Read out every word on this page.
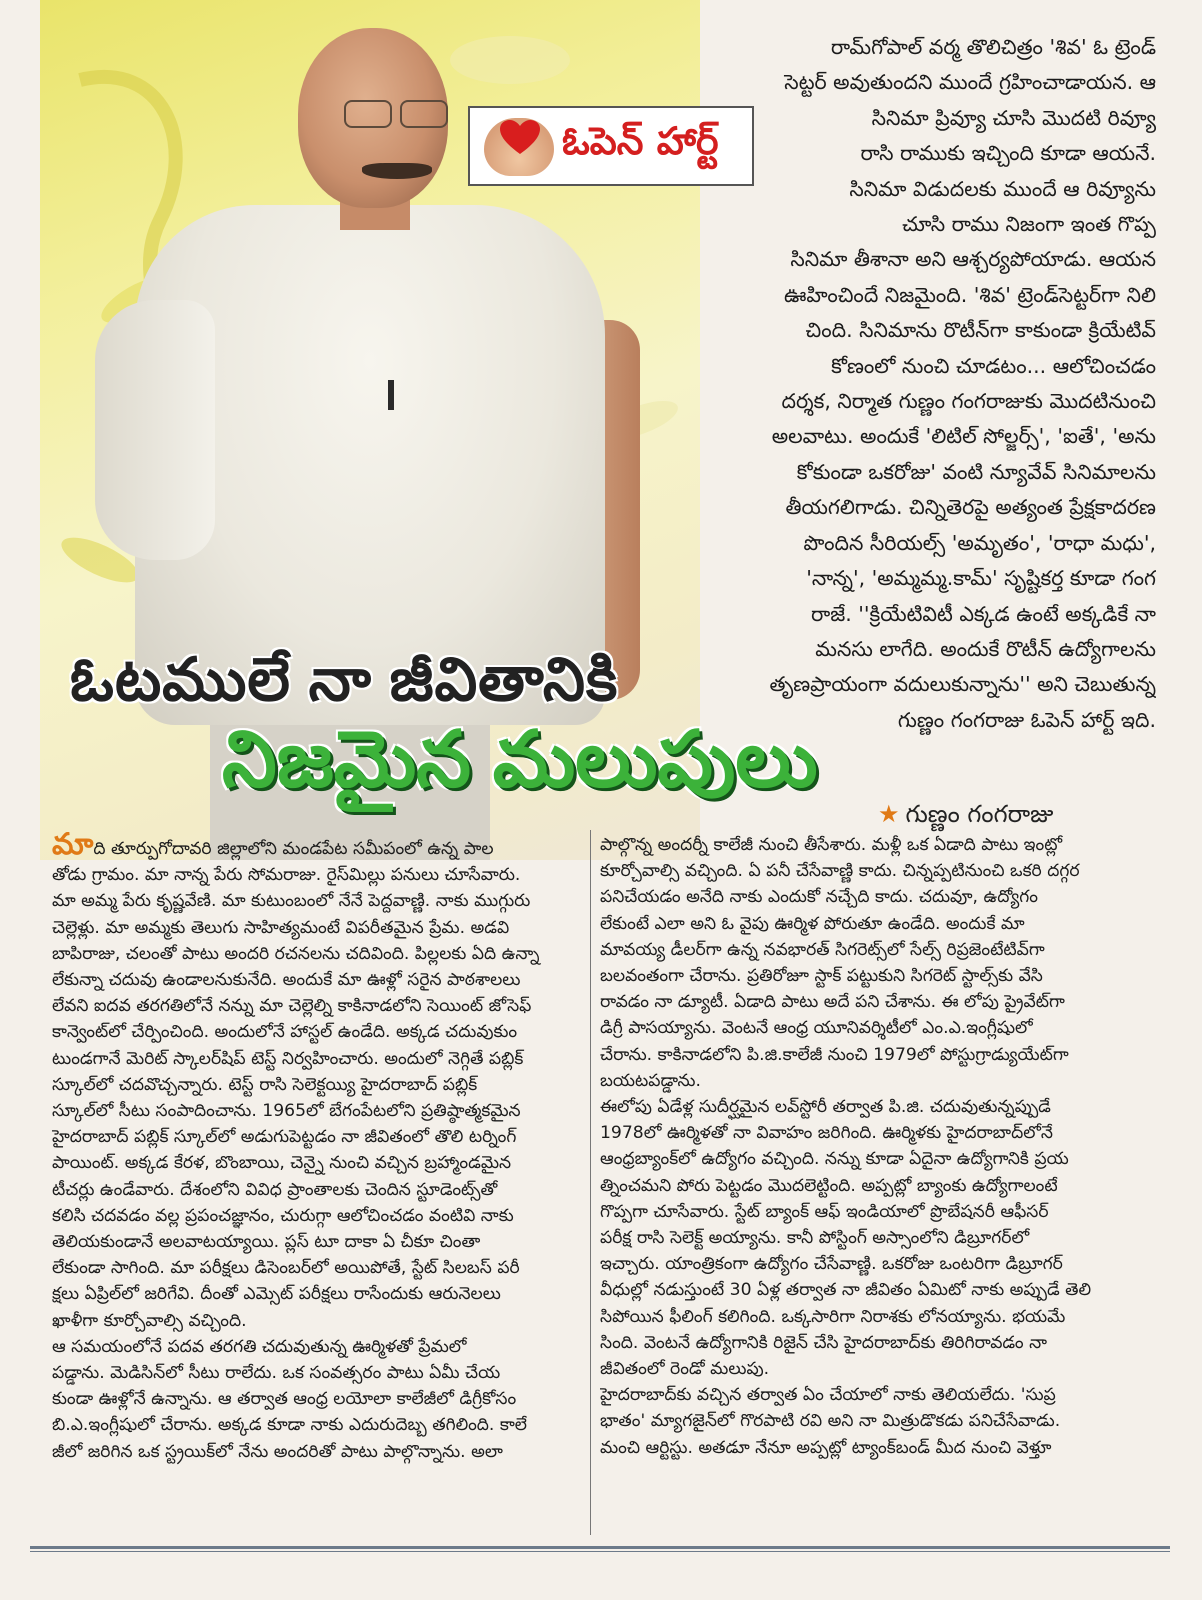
ఓపెన్ హార్ట్
ఓటములే నా జీవితానికి
నిజమైన మలుపులు
రామ్‌గోపాల్ వర్మ తొలిచిత్రం 'శివ' ఓ ట్రెండ్
సెట్టర్ అవుతుందని ముందే గ్రహించాడాయన. ఆ
సినిమా ప్రివ్యూ చూసి మొదటి రివ్యూ
రాసి రాముకు ఇచ్చింది కూడా ఆయనే.
సినిమా విడుదలకు ముందే ఆ రివ్యూను
చూసి రాము నిజంగా ఇంత గొప్ప
సినిమా తీశానా అని ఆశ్చర్యపోయాడు. ఆయన
ఊహించిందే నిజమైంది. 'శివ' ట్రెండ్‌సెట్టర్‌గా నిలి
చింది. సినిమాను రొటీన్‌గా కాకుండా క్రియేటివ్
కోణంలో నుంచి చూడటం... ఆలోచించడం
దర్శక, నిర్మాత గుణ్ణం గంగరాజుకు మొదటినుంచి
అలవాటు. అందుకే 'లిటిల్ సోల్జర్స్', 'ఐతే', 'అను
కోకుండా ఒకరోజు' వంటి న్యూవేవ్ సినిమాలను
తీయగలిగాడు. చిన్నితెరపై అత్యంత ప్రేక్షకాదరణ
పొందిన సీరియల్స్ 'అమృతం', 'రాధా మధు',
'నాన్న', 'అమ్మమ్మ.కామ్' సృష్టికర్త కూడా గంగ
రాజే. ''క్రియేటివిటీ ఎక్కడ ఉంటే అక్కడికే నా
మనసు లాగేది. అందుకే రొటీన్ ఉద్యోగాలను
తృణప్రాయంగా వదులుకున్నాను'' అని చెబుతున్న
గుణ్ణం గంగరాజు ఓపెన్ హార్ట్ ఇది.
★ గుణ్ణం గంగరాజు
మాది తూర్పుగోదావరి జిల్లాలోని మండపేట సమీపంలో ఉన్న పాల
తోడు గ్రామం. మా నాన్న పేరు సోమరాజు. రైస్‌మిల్లు పనులు చూసేవారు.
మా అమ్మ పేరు కృష్ణవేణి. మా కుటుంబంలో నేనే పెద్దవాణ్ణి. నాకు ముగ్గురు
చెల్లెళ్లు. మా అమ్మకు తెలుగు సాహిత్యమంటే విపరీతమైన ప్రేమ. అడవి
బాపిరాజు, చలంతో పాటు అందరి రచనలను చదివింది. పిల్లలకు ఏది ఉన్నా
లేకున్నా చదువు ఉండాలనుకునేది. అందుకే మా ఊళ్లో సరైన పాఠశాలలు
లేవని ఐదవ తరగతిలోనే నన్ను మా చెల్లెల్ని కాకినాడలోని సెయింట్ జోసెఫ్
కాన్వెంట్‌లో చేర్పించింది. అందులోనే హాస్టల్ ఉండేది. అక్కడ చదువుకుం
టుండగానే మెరిట్ స్కాలర్‌షిప్ టెస్ట్ నిర్వహించారు. అందులో నెగ్గితే పబ్లిక్
స్కూల్‌లో చదవొచ్చన్నారు. టెస్ట్ రాసి సెలెక్టయ్యి హైదరాబాద్ పబ్లిక్
స్కూల్‌లో సీటు సంపాదించాను. 1965లో బేగంపేటలోని ప్రతిష్ఠాత్మకమైన
హైదరాబాద్ పబ్లిక్ స్కూల్‌లో అడుగుపెట్టడం నా జీవితంలో తొలి టర్నింగ్
పాయింట్. అక్కడ కేరళ, బొంబాయి, చెన్నై నుంచి వచ్చిన బ్రహ్మాండమైన
టీచర్లు ఉండేవారు. దేశంలోని వివిధ ప్రాంతాలకు చెందిన స్టూడెంట్స్‌తో
కలిసి చదవడం వల్ల ప్రపంచజ్ఞానం, చురుగ్గా ఆలోచించడం వంటివి నాకు
తెలియకుండానే అలవాటయ్యాయి. ప్లస్ టూ దాకా ఏ చీకూ చింతా
లేకుండా సాగింది. మా పరీక్షలు డిసెంబర్‌లో అయిపోతే, స్టేట్ సిలబస్ పరీ
క్షలు ఏప్రిల్‌లో జరిగేవి. దీంతో ఎమ్సెట్ పరీక్షలు రాసేందుకు ఆరునెలలు
ఖాళీగా కూర్చోవాల్సి వచ్చింది.
ఆ సమయంలోనే పదవ తరగతి చదువుతున్న ఊర్మిళతో ప్రేమలో
పడ్డాను. మెడిసిన్‌లో సీటు రాలేదు. ఒక సంవత్సరం పాటు ఏమీ చేయ
కుండా ఊళ్లోనే ఉన్నాను. ఆ తర్వాత ఆంధ్ర లయోలా కాలేజీలో డిగ్రీకోసం
బి.ఎ.ఇంగ్లీషులో చేరాను. అక్కడ కూడా నాకు ఎదురుదెబ్బ తగిలింది. కాలే
జీలో జరిగిన ఒక స్ట్రయిక్‌లో నేను అందరితో పాటు పాల్గొన్నాను. అలా
పాల్గొన్న అందర్నీ కాలేజీ నుంచి తీసేశారు. మళ్లీ ఒక ఏడాది పాటు ఇంట్లో
కూర్చోవాల్సి వచ్చింది. ఏ పనీ చేసేవాణ్ణి కాదు. చిన్నప్పటినుంచి ఒకరి దగ్గర
పనిచేయడం అనేది నాకు ఎందుకో నచ్చేది కాదు. చదువూ, ఉద్యోగం
లేకుంటే ఎలా అని ఓ వైపు ఊర్మిళ పోరుతూ ఉండేది. అందుకే మా
మావయ్య డీలర్‌గా ఉన్న నవభారత్ సిగరెట్స్‌లో సేల్స్ రిప్రజెంటేటివ్‌గా
బలవంతంగా చేరాను. ప్రతిరోజూ స్టాక్ పట్టుకుని సిగరెట్ స్టాల్స్‌కు వేసి
రావడం నా డ్యూటీ. ఏడాది పాటు అదే పని చేశాను. ఈ లోపు ప్రైవేట్‌గా
డిగ్రీ పాసయ్యాను. వెంటనే ఆంధ్ర యూనివర్శిటీలో ఎం.ఎ.ఇంగ్లీషులో
చేరాను. కాకినాడలోని పి.జి.కాలేజీ నుంచి 1979లో పోస్టుగ్రాడ్యుయేట్‌గా
బయటపడ్డాను.
ఈలోపు ఏడేళ్ల సుదీర్ఘమైన లవ్‌స్టోరీ తర్వాత పి.జి. చదువుతున్నప్పుడే
1978లో ఊర్మిళతో నా వివాహం జరిగింది. ఊర్మిళకు హైదరాబాద్‌లోనే
ఆంధ్రబ్యాంక్‌లో ఉద్యోగం వచ్చింది. నన్ను కూడా ఏదైనా ఉద్యోగానికి ప్రయ
త్నించమని పోరు పెట్టడం మొదలెట్టింది. అప్పట్లో బ్యాంకు ఉద్యోగాలంటే
గొప్పగా చూసేవారు. స్టేట్ బ్యాంక్ ఆఫ్ ఇండియాలో ప్రొబేషనరీ ఆఫీసర్
పరీక్ష రాసి సెలెక్ట్ అయ్యాను. కానీ పోస్టింగ్ అస్సాంలోని డిబ్రూగర్‌లో
ఇచ్చారు. యాంత్రికంగా ఉద్యోగం చేసేవాణ్ణి. ఒకరోజు ఒంటరిగా డిబ్రూగర్
వీధుల్లో నడుస్తుంటే 30 ఏళ్ల తర్వాత నా జీవితం ఏమిటో నాకు అప్పుడే తెలి
సిపోయిన ఫీలింగ్ కలిగింది. ఒక్కసారిగా నిరాశకు లోనయ్యాను. భయమే
సింది. వెంటనే ఉద్యోగానికి రిజైన్ చేసి హైదరాబాద్‌కు తిరిగిరావడం నా
జీవితంలో రెండో మలుపు.
హైదరాబాద్‌కు వచ్చిన తర్వాత ఏం చేయాలో నాకు తెలియలేదు. 'సుప్ర
భాతం' మ్యాగజైన్‌లో గొరపాటి రవి అని నా మిత్రుడొకడు పనిచేసేవాడు.
మంచి ఆర్టిస్టు. అతడూ నేనూ అప్పట్లో ట్యాంక్‌బండ్ మీద నుంచి వెళ్తూ
